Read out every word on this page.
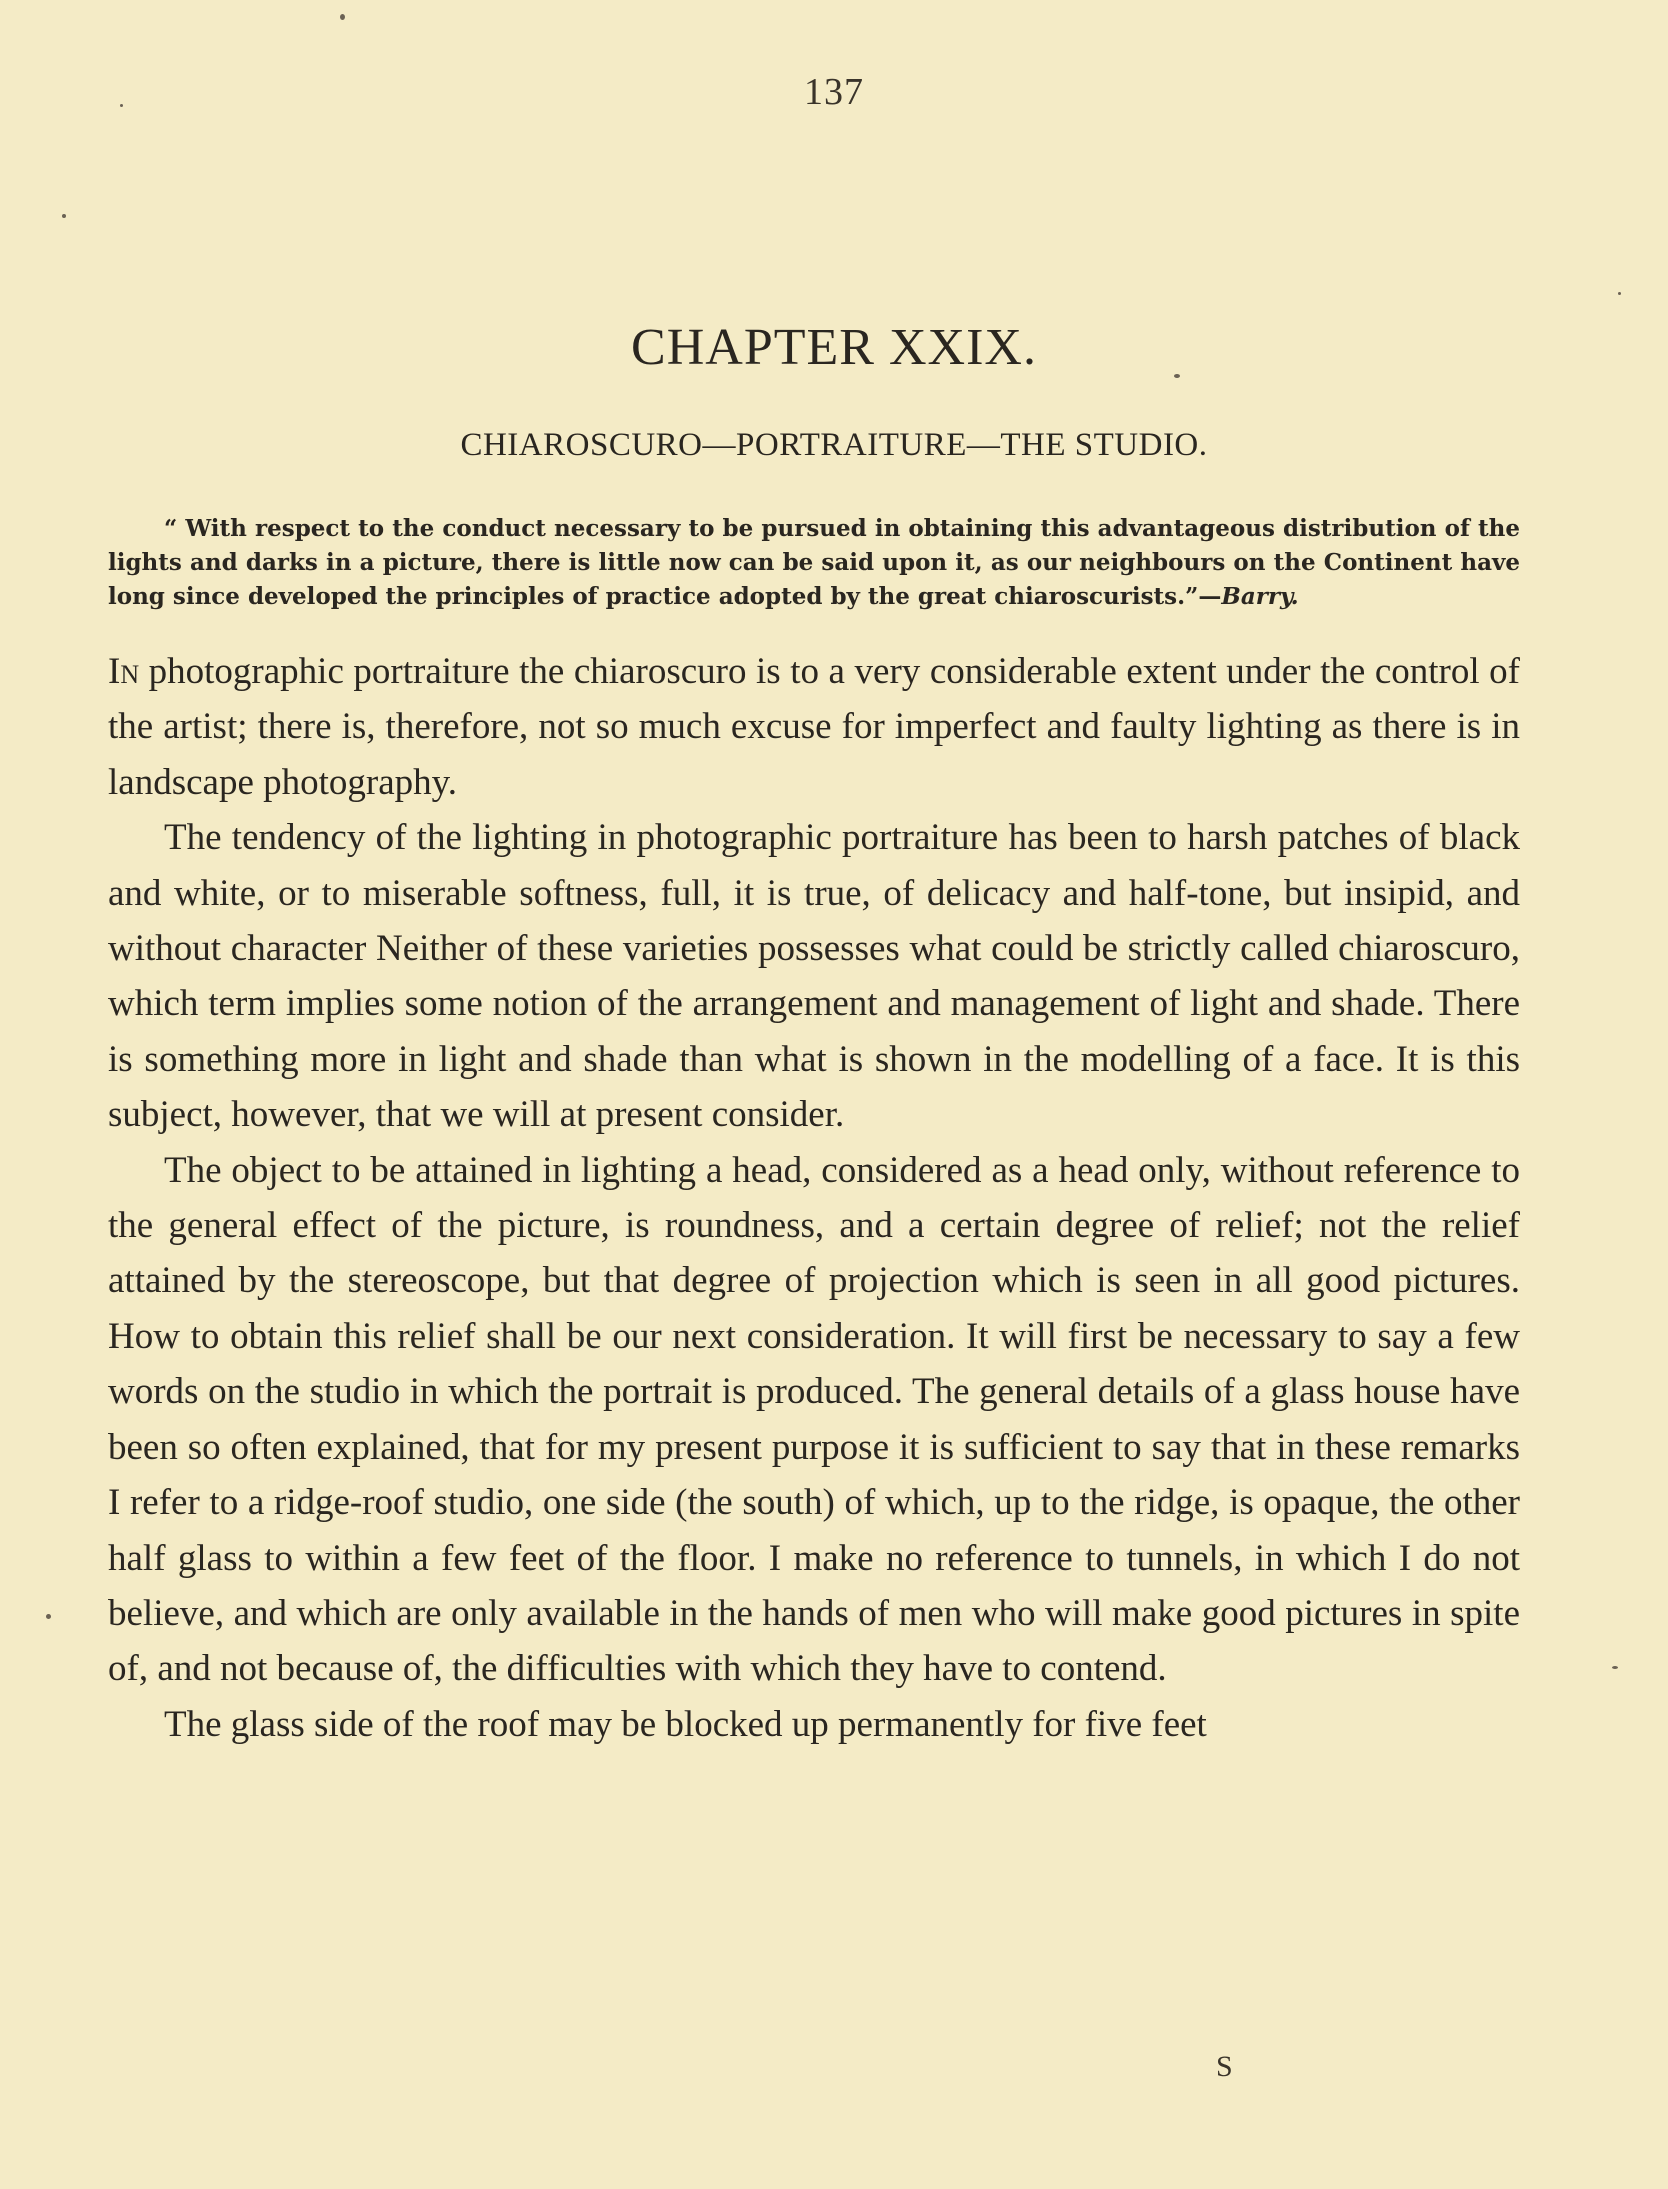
137
CHAPTER XXIX.
CHIAROSCURO—PORTRAITURE—THE STUDIO.

“ With respect to the conduct necessary to be pursued in obtaining this advantageous distribution of the lights and darks in a picture, there is little now can be said upon it, as our neighbours on the Continent have long since developed the principles of practice adopted by the great chiaroscurists.”—Barry.

In photographic portraiture the chiaroscuro is to a very considerable extent under the control of the artist; there is, therefore, not so much excuse for imperfect and faulty lighting as there is in landscape photography.

The tendency of the lighting in photographic portraiture has been to harsh patches of black and white, or to miserable softness, full, it is true, of delicacy and half-tone, but insipid, and without character Neither of these varieties possesses what could be strictly called chiaroscuro, which term implies some notion of the arrangement and management of light and shade. There is something more in light and shade than what is shown in the modelling of a face. It is this subject, however, that we will at present consider.

The object to be attained in lighting a head, considered as a head only, without reference to the general effect of the picture, is roundness, and a certain degree of relief; not the relief attained by the stereoscope, but that degree of projection which is seen in all good pictures. How to obtain this relief shall be our next consideration. It will first be necessary to say a few words on the studio in which the portrait is produced. The general details of a glass house have been so often explained, that for my present purpose it is sufficient to say that in these remarks I refer to a ridge-roof studio, one side (the south) of which, up to the ridge, is opaque, the other half glass to within a few feet of the floor. I make no reference to tunnels, in which I do not believe, and which are only available in the hands of men who will make good pictures in spite of, and not because of, the difficulties with which they have to contend.

The glass side of the roof may be blocked up permanently for five feet

S
